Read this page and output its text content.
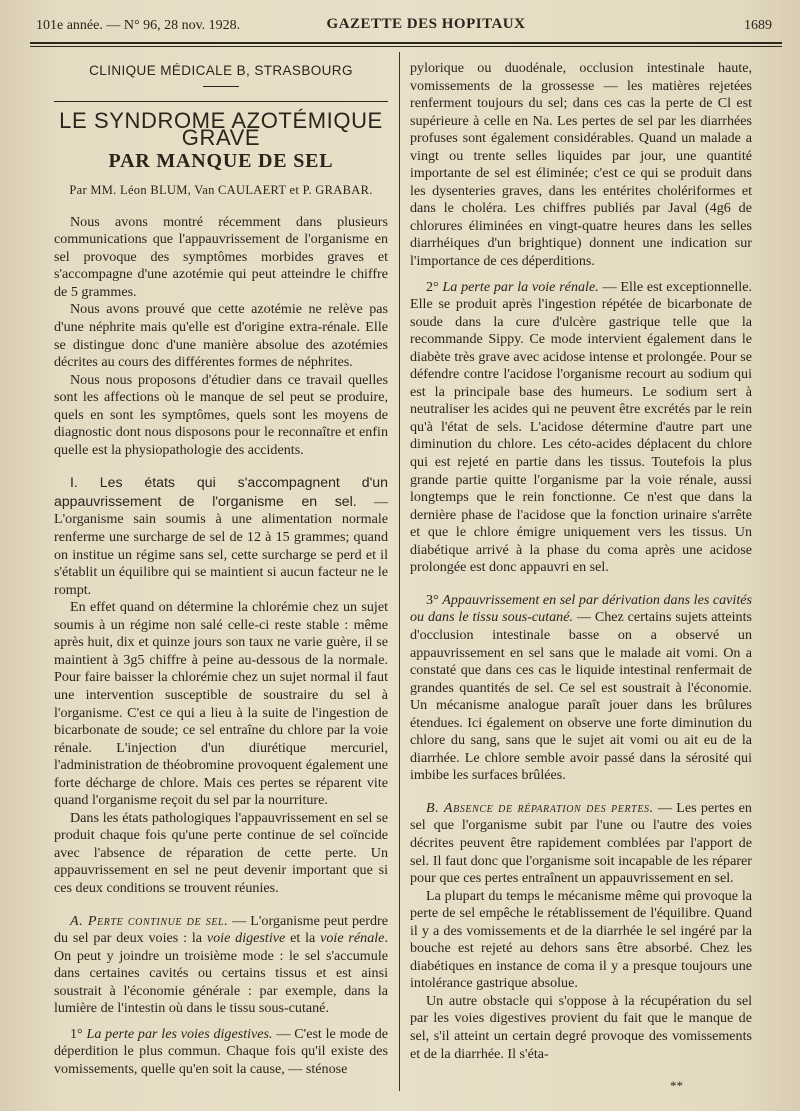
101e année. — N° 96, 28 nov. 1928.	GAZETTE DES HOPITAUX	1689
CLINIQUE MÉDICALE B, STRASBOURG
LE SYNDROME AZOTÉMIQUE GRAVE
PAR MANQUE DE SEL
Par MM. Léon BLUM, Van CAULAERT et P. GRABAR.

Nous avons montré récemment dans plusieurs communications que l'appauvrissement de l'organisme en sel provoque des symptômes morbides graves et s'accompagne d'une azotémie qui peut atteindre le chiffre de 5 grammes.

Nous avons prouvé que cette azotémie ne relève pas d'une néphrite mais qu'elle est d'origine extra-rénale. Elle se distingue donc d'une manière absolue des azotémies décrites au cours des différentes formes de néphrites.

Nous nous proposons d'étudier dans ce travail quelles sont les affections où le manque de sel peut se produire, quels en sont les symptômes, quels sont les moyens de diagnostic dont nous disposons pour le reconnaître et enfin quelle est la physiopathologie des accidents.

I. Les états qui s'accompagnent d'un appauvrissement de l'organisme en sel. — L'organisme sain soumis à une alimentation normale renferme une surcharge de sel de 12 à 15 grammes; quand on institue un régime sans sel, cette surcharge se perd et il s'établit un équilibre qui se maintient si aucun facteur ne le rompt.

En effet quand on détermine la chlorémie chez un sujet soumis à un régime non salé celle-ci reste stable : même après huit, dix et quinze jours son taux ne varie guère, il se maintient à 3g5 chiffre à peine au-dessous de la normale. Pour faire baisser la chlorémie chez un sujet normal il faut une intervention susceptible de soustraire du sel à l'organisme. C'est ce qui a lieu à la suite de l'ingestion de bicarbonate de soude; ce sel entraîne du chlore par la voie rénale. L'injection d'un diurétique mercuriel, l'administration de théobromine provoquent également une forte décharge de chlore. Mais ces pertes se réparent vite quand l'organisme reçoit du sel par la nourriture.

Dans les états pathologiques l'appauvrissement en sel se produit chaque fois qu'une perte continue de sel coïncide avec l'absence de réparation de cette perte. Un appauvrissement en sel ne peut devenir important que si ces deux conditions se trouvent réunies.

A. Perte continue de sel. — L'organisme peut perdre du sel par deux voies : la voie digestive et la voie rénale. On peut y joindre un troisième mode : le sel s'accumule dans certaines cavités ou certains tissus et est ainsi soustrait à l'économie générale : par exemple, dans la lumière de l'intestin où dans le tissu sous-cutané.

1° La perte par les voies digestives. — C'est le mode de déperdition le plus commun. Chaque fois qu'il existe des vomissements, quelle qu'en soit la cause, — sténose

pylorique ou duodénale, occlusion intestinale haute, vomissements de la grossesse — les matières rejetées renferment toujours du sel; dans ces cas la perte de Cl est supérieure à celle en Na. Les pertes de sel par les diarrhées profuses sont également considérables. Quand un malade a vingt ou trente selles liquides par jour, une quantité importante de sel est éliminée; c'est ce qui se produit dans les dysenteries graves, dans les entérites cholériformes et dans le choléra. Les chiffres publiés par Javal (4g6 de chlorures éliminées en vingt-quatre heures dans les selles diarrhéiques d'un brightique) donnent une indication sur l'importance de ces déperditions.

2° La perte par la voie rénale. — Elle est exceptionnelle. Elle se produit après l'ingestion répétée de bicarbonate de soude dans la cure d'ulcère gastrique telle que la recommande Sippy. Ce mode intervient également dans le diabète très grave avec acidose intense et prolongée. Pour se défendre contre l'acidose l'organisme recourt au sodium qui est la principale base des humeurs. Le sodium sert à neutraliser les acides qui ne peuvent être excrétés par le rein qu'à l'état de sels. L'acidose détermine d'autre part une diminution du chlore. Les céto-acides déplacent du chlore qui est rejeté en partie dans les tissus. Toutefois la plus grande partie quitte l'organisme par la voie rénale, aussi longtemps que le rein fonctionne. Ce n'est que dans la dernière phase de l'acidose que la fonction urinaire s'arrête et que le chlore émigre uniquement vers les tissus. Un diabétique arrivé à la phase du coma après une acidose prolongée est donc appauvri en sel.

3° Appauvrissement en sel par dérivation dans les cavités ou dans le tissu sous-cutané. — Chez certains sujets atteints d'occlusion intestinale basse on a observé un appauvrissement en sel sans que le malade ait vomi. On a constaté que dans ces cas le liquide intestinal renfermait de grandes quantités de sel. Ce sel est soustrait à l'économie. Un mécanisme analogue paraît jouer dans les brûlures étendues. Ici également on observe une forte diminution du chlore du sang, sans que le sujet ait vomi ou ait eu de la diarrhée. Le chlore semble avoir passé dans la sérosité qui imbibe les surfaces brûlées.

B. Absence de réparation des pertes. — Les pertes en sel que l'organisme subit par l'une ou l'autre des voies décrites peuvent être rapidement comblées par l'apport de sel. Il faut donc que l'organisme soit incapable de les réparer pour que ces pertes entraînent un appauvrissement en sel.

La plupart du temps le mécanisme même qui provoque la perte de sel empêche le rétablissement de l'équilibre. Quand il y a des vomissements et de la diarrhée le sel ingéré par la bouche est rejeté au dehors sans être absorbé. Chez les diabétiques en instance de coma il y a presque toujours une intolérance gastrique absolue.

Un autre obstacle qui s'oppose à la récupération du sel par les voies digestives provient du fait que le manque de sel, s'il atteint un certain degré provoque des vomissements et de la diarrhée. Il s'éta-

**
